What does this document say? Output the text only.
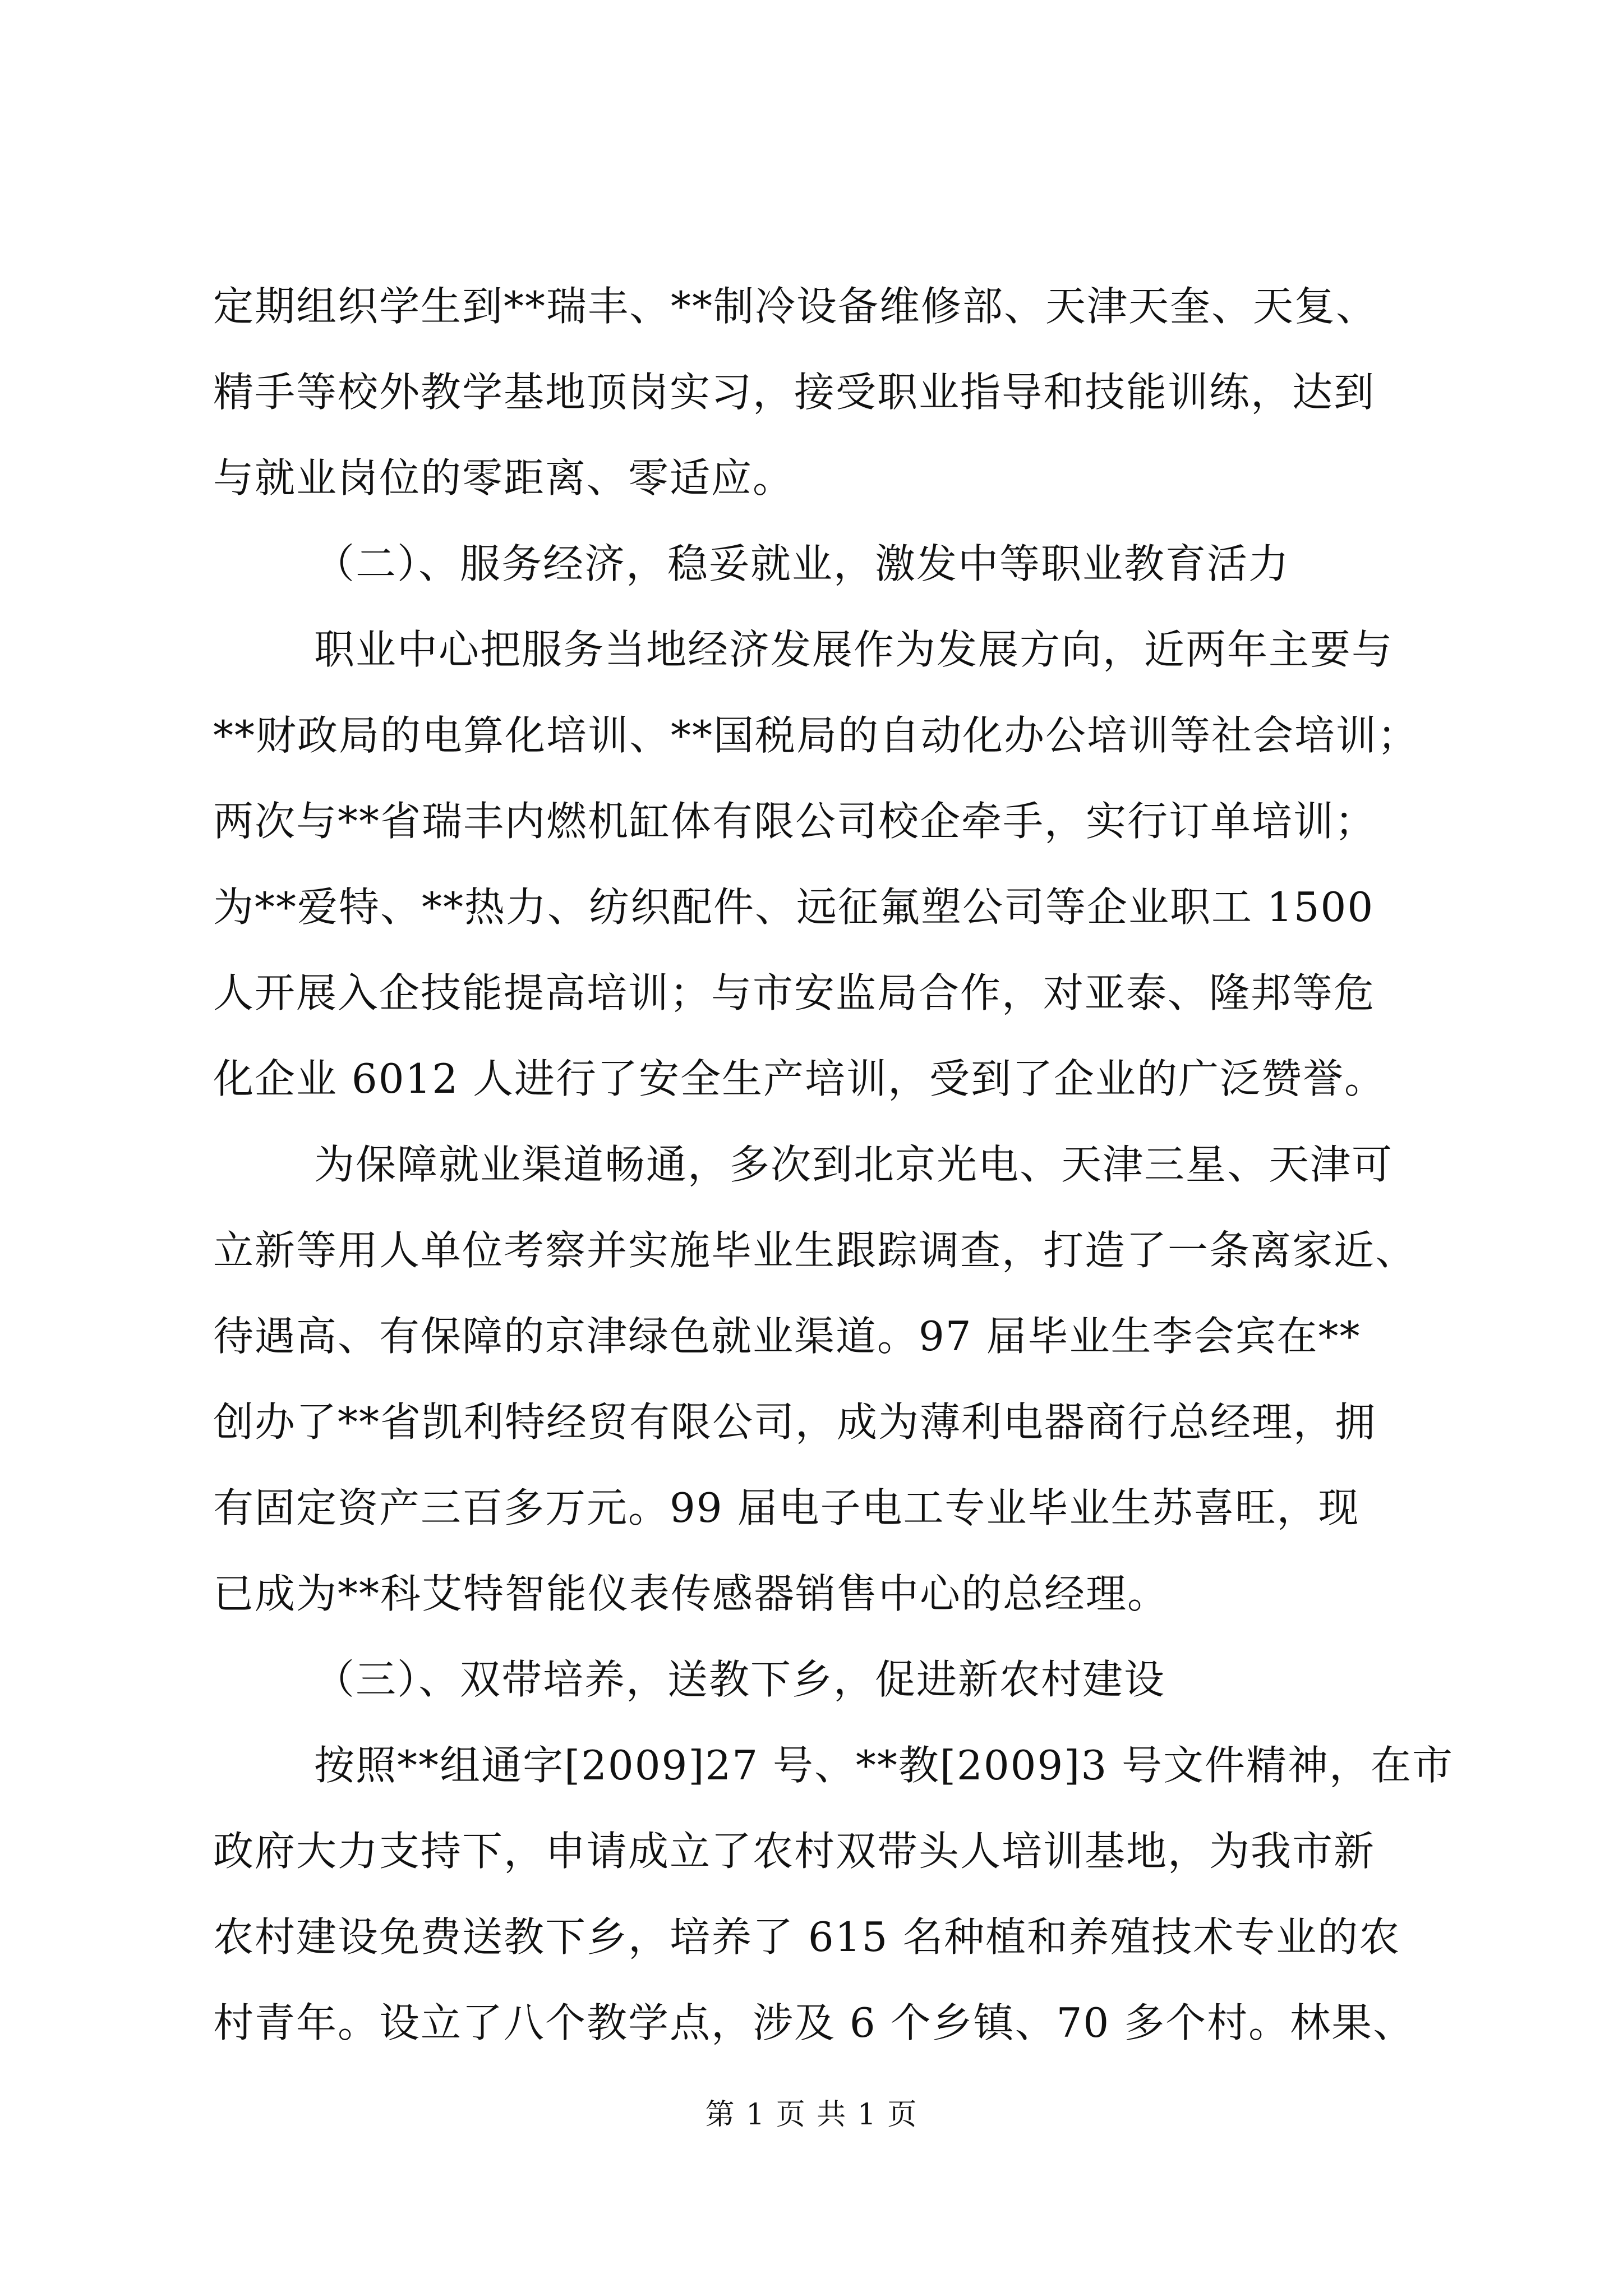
定期组织学生到**瑞丰、**制冷设备维修部、天津天奎、天复、
精手等校外教学基地顶岗实习，接受职业指导和技能训练，达到
与就业岗位的零距离、零适应。
（二）、服务经济，稳妥就业，激发中等职业教育活力
职业中心把服务当地经济发展作为发展方向，近两年主要与
**财政局的电算化培训、**国税局的自动化办公培训等社会培训；
两次与**省瑞丰内燃机缸体有限公司校企牵手，实行订单培训；
为**爱特、**热力、纺织配件、远征氟塑公司等企业职工 1500
人开展入企技能提高培训；与市安监局合作，对亚泰、隆邦等危
化企业 6012 人进行了安全生产培训，受到了企业的广泛赞誉。
为保障就业渠道畅通，多次到北京光电、天津三星、天津可
立新等用人单位考察并实施毕业生跟踪调查，打造了一条离家近、
待遇高、有保障的京津绿色就业渠道。97 届毕业生李会宾在**
创办了**省凯利特经贸有限公司，成为薄利电器商行总经理，拥
有固定资产三百多万元。99 届电子电工专业毕业生苏喜旺，现
已成为**科艾特智能仪表传感器销售中心的总经理。
（三）、双带培养，送教下乡，促进新农村建设
按照**组通字[2009]27 号、**教[2009]3 号文件精神，在市
政府大力支持下，申请成立了农村双带头人培训基地，为我市新
农村建设免费送教下乡，培养了 615 名种植和养殖技术专业的农
村青年。设立了八个教学点，涉及 6 个乡镇、70 多个村。林果、
第 1 页 共 1 页
